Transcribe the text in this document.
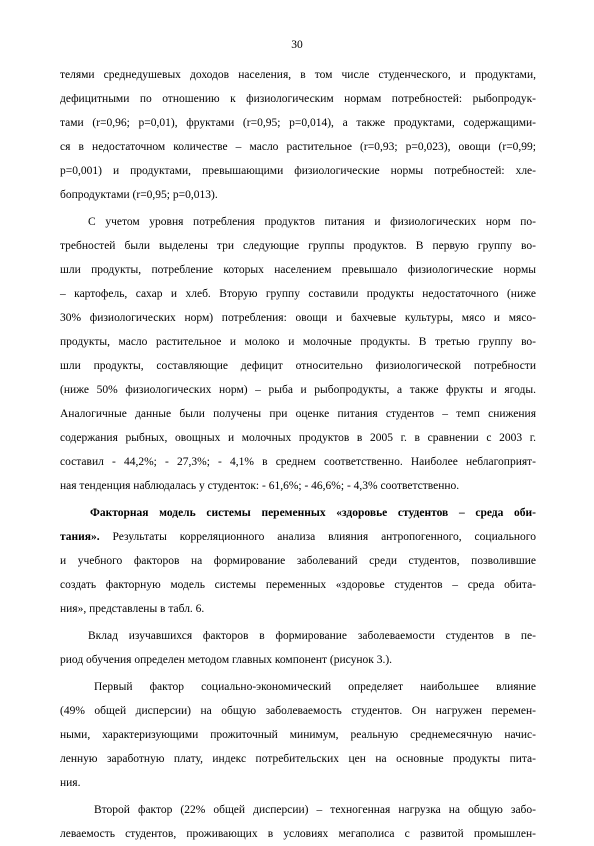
30
телями среднедушевых доходов населения, в том числе студенческого, и продуктами,
дефицитными по отношению к физиологическим нормам потребностей: рыбопродук-
тами (r=0,96; p=0,01), фруктами (r=0,95; p=0,014), а также продуктами, содержащими-
ся в недостаточном количестве – масло растительное (r=0,93; p=0,023), овощи (r=0,99;
p=0,001) и продуктами, превышающими физиологические нормы потребностей: хле-
бопродуктами (r=0,95; p=0,013).
С учетом уровня потребления продуктов питания и физиологических норм по-
требностей были выделены три следующие группы продуктов. В первую группу во-
шли продукты, потребление которых населением превышало физиологические нормы
– картофель, сахар и хлеб. Вторую группу составили продукты недостаточного (ниже
30% физиологических норм) потребления: овощи и бахчевые культуры, мясо и мясо-
продукты, масло растительное и молоко и молочные продукты. В третью группу во-
шли продукты, составляющие дефицит относительно физиологической потребности
(ниже 50% физиологических норм) – рыба и рыбопродукты, а также фрукты и ягоды.
Аналогичные данные были получены при оценке питания студентов – темп снижения
содержания рыбных, овощных и молочных продуктов в 2005 г. в сравнении с 2003 г.
составил - 44,2%; - 27,3%; - 4,1% в среднем соответственно. Наиболее неблагоприят-
ная тенденция наблюдалась у студенток: - 61,6%; - 46,6%; - 4,3% соответственно.
Факторная модель системы переменных «здоровье студентов – среда оби-
тания». Результаты корреляционного анализа влияния антропогенного, социального
и учебного факторов на формирование заболеваний среди студентов, позволившие
создать факторную модель системы переменных «здоровье студентов – среда обита-
ния», представлены в табл. 6.
Вклад изучавшихся факторов в формирование заболеваемости студентов в пе-
риод обучения определен методом главных компонент (рисунок 3.).
Первый фактор социально-экономический определяет наибольшее влияние
(49% общей дисперсии) на общую заболеваемость студентов. Он нагружен перемен-
ными, характеризующими прожиточный минимум, реальную среднемесячную начис-
ленную заработную плату, индекс потребительских цен на основные продукты пита-
ния.
Второй фактор (22% общей дисперсии) – техногенная нагрузка на общую забо-
леваемость студентов, проживающих в условиях мегаполиса с развитой промышлен-
